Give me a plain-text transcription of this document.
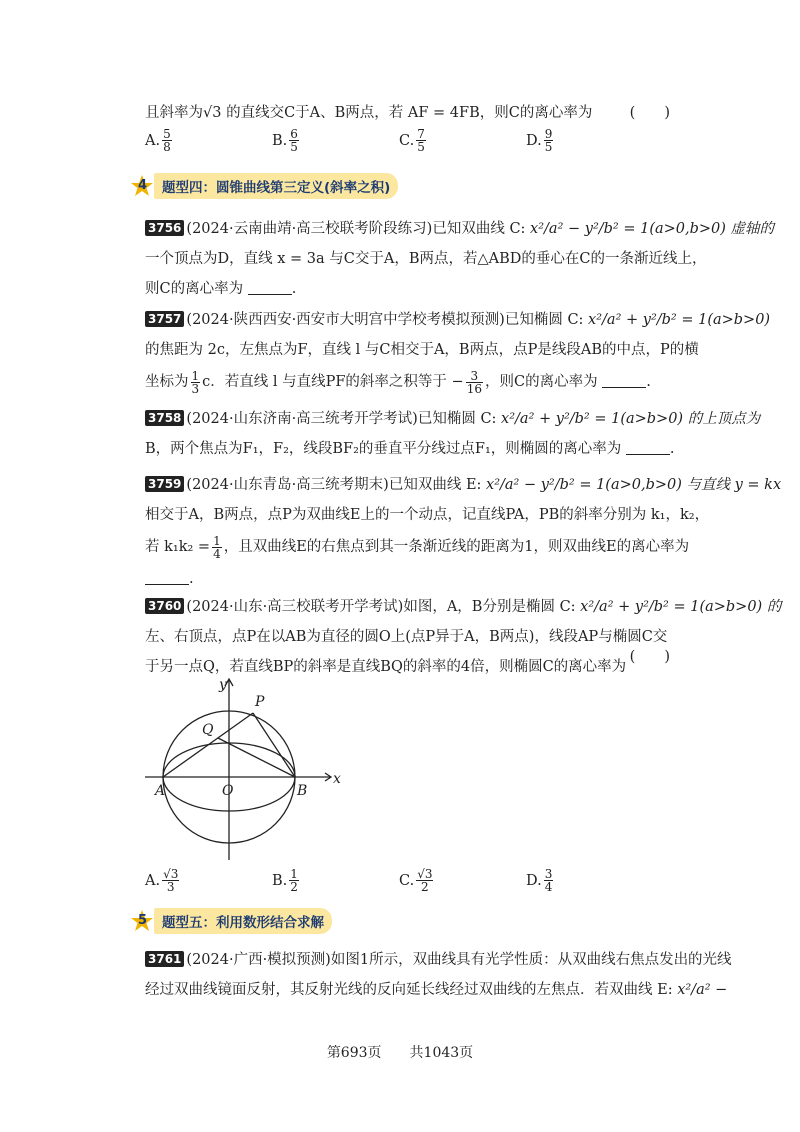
且斜率为√3 的直线交C于A、B两点，若 AF = 4FB，则C的离心率为	(　　)
A. $\frac{5}{8}$	B. $\frac{6}{5}$	C. $\frac{7}{5}$	D. $\frac{9}{5}$
4	题型四：圆锥曲线第三定义(斜率之积)
3756 (2024·云南曲靖·高三校联考阶段练习)已知双曲线 C: x²/a² − y²/b² = 1(a>0,b>0) 虚轴的
一个顶点为D，直线 x = 3a 与C交于A，B两点，若△ABD的垂心在C的一条渐近线上，
则C的离心率为	.
3757 (2024·陕西西安·西安市大明宫中学校考模拟预测)已知椭圆 C: x²/a² + y²/b² = 1(a>b>0)
的焦距为 2c，左焦点为F，直线 l 与C相交于A，B两点，点P是线段AB的中点，P的横
坐标为 $\frac{1}{3}$ c．若直线 l 与直线PF的斜率之积等于 − $\frac{3}{16}$ ，则C的离心率为	.
3758 (2024·山东济南·高三统考开学考试)已知椭圆 C: x²/a² + y²/b² = 1(a>b>0) 的上顶点为
B，两个焦点为F₁，F₂，线段BF₂的垂直平分线过点F₁，则椭圆的离心率为	.
3759 (2024·山东青岛·高三统考期末)已知双曲线 E: x²/a² − y²/b² = 1(a>0,b>0) 与直线 y = kx
相交于A，B两点，点P为双曲线E上的一个动点，记直线PA，PB的斜率分别为 k₁，k₂，
若 $k_1k_2 = \frac{1}{4}$ ，且双曲线E的右焦点到其一条渐近线的距离为1，则双曲线E的离心率为
.
3760 (2024·山东·高三校联考开学考试)如图，A，B分别是椭圆 C: x²/a² + y²/b² = 1(a>b>0) 的
左、右顶点，点P在以AB为直径的圆O上(点P异于A，B两点)，线段AP与椭圆C交
于另一点Q，若直线BP的斜率是直线BQ的斜率的4倍，则椭圆C的离心率为
(　　)
y
x
P
Q
A	O	B
A. $\frac{√3}{3}$	B. $\frac{1}{2}$	C. $\frac{√3}{2}$	D. $\frac{3}{4}$
5	题型五：利用数形结合求解
3761 (2024·广西·模拟预测)如图1所示，双曲线具有光学性质：从双曲线右焦点发出的光线
经过双曲线镜面反射，其反射光线的反向延长线经过双曲线的左焦点．若双曲线 E: x²/a² −
第693页　　共1043页
